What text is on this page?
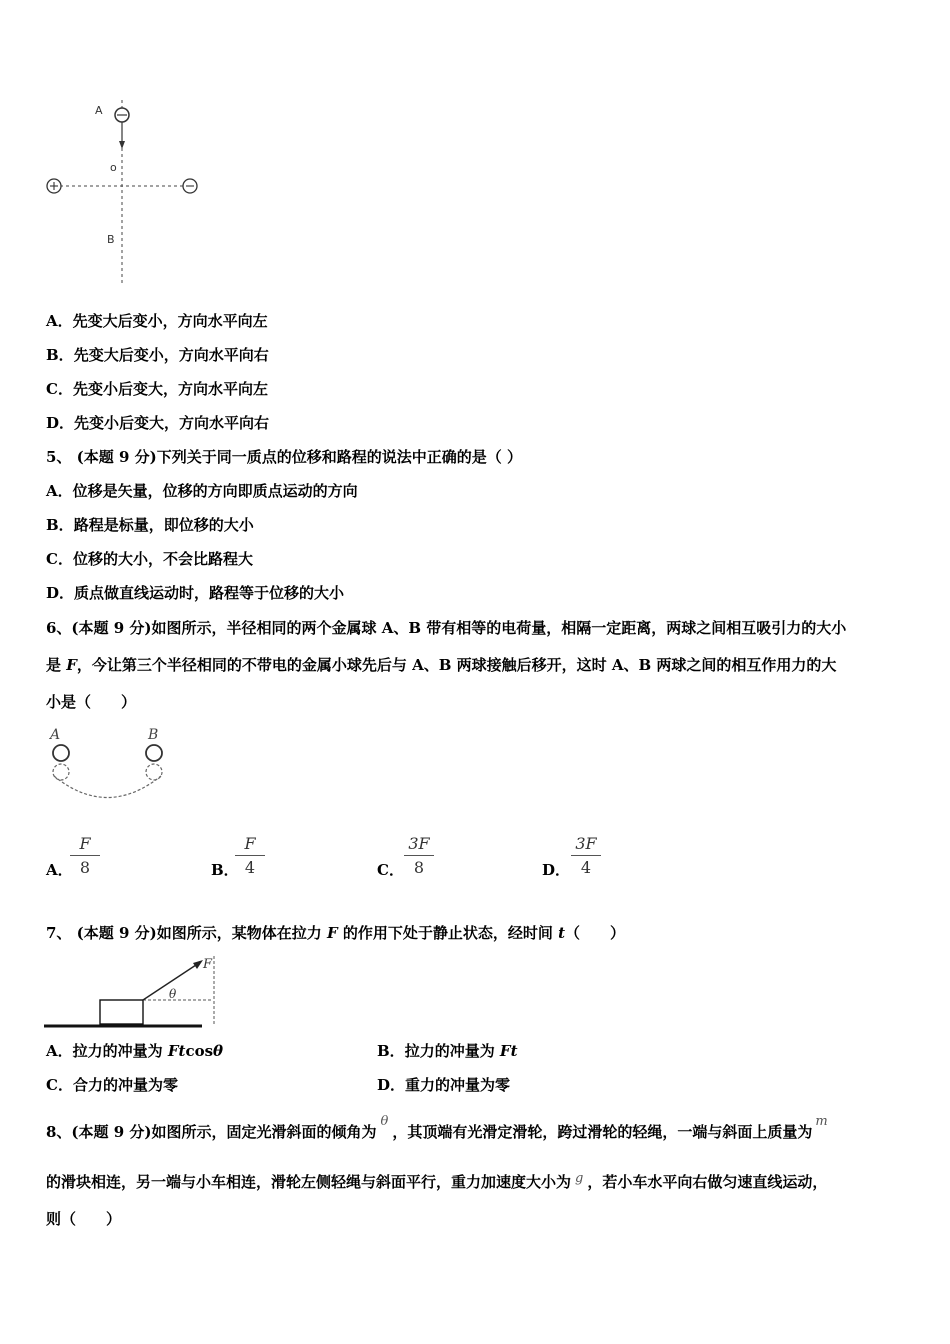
A
o
B
A．先变大后变小，方向水平向左
B．先变大后变小，方向水平向右
C．先变小后变大，方向水平向左
D．先变小后变大，方向水平向右
5、 (本题 9 分)下列关于同一质点的位移和路程的说法中正确的是（ ）
A．位移是矢量，位移的方向即质点运动的方向
B．路程是标量，即位移的大小
C．位移的大小，不会比路程大
D．质点做直线运动时，路程等于位移的大小
6、(本题 9 分)如图所示，半径相同的两个金属球 A、B 带有相等的电荷量，相隔一定距离，两球之间相互吸引力的大小
是 F，今让第三个半径相同的不带电的金属小球先后与 A、B 两球接触后移开，这时 A、B 两球之间的相互作用力的大
小是（　　）
A	B
A．
$\frac{F}{8}$	B．
$\frac{F}{4}$	C． $\frac{3F}{8}$	D． $\frac{3F}{4}$
7、 (本题 9 分)如图所示，某物体在拉力 F 的作用下处于静止状态，经时间 t（　　）
F
θ
A．拉力的冲量为 Ftcosθ	B．拉力的冲量为 Ft
C．合力的冲量为零	D．重力的冲量为零
8、(本题 9 分)如图所示，固定光滑斜面的倾角为θ，其顶端有光滑定滑轮，跨过滑轮的轻绳，一端与斜面上质量为m
的滑块相连，另一端与小车相连，滑轮左侧轻绳与斜面平行，重力加速度大小为 g ，若小车水平向右做匀速直线运动，
则（　　）
